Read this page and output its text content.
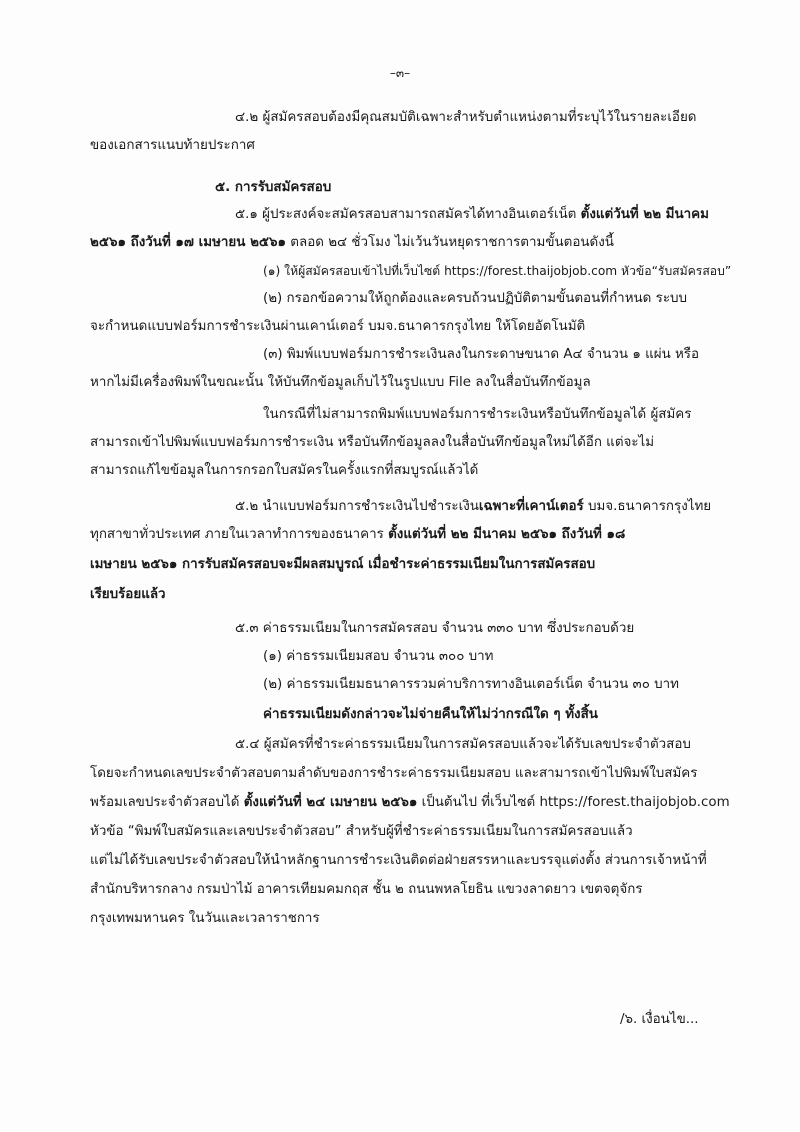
–๓–
๔.๒ ผู้สมัครสอบต้องมีคุณสมบัติเฉพาะสำหรับตำแหน่งตามที่ระบุไว้ในรายละเอียด
ของเอกสารแนบท้ายประกาศ
๕. การรับสมัครสอบ
๕.๑ ผู้ประสงค์จะสมัครสอบสามารถสมัครได้ทางอินเตอร์เน็ต ตั้งแต่วันที่ ๒๒ มีนาคม
๒๕๖๑ ถึงวันที่ ๑๗ เมษายน ๒๕๖๑ ตลอด ๒๔ ชั่วโมง ไม่เว้นวันหยุดราชการตามขั้นตอนดังนี้
(๑) ให้ผู้สมัครสอบเข้าไปที่เว็บไซต์ https://forest.thaijobjob.com หัวข้อ“รับสมัครสอบ”
(๒) กรอกข้อความให้ถูกต้องและครบถ้วนปฏิบัติตามขั้นตอนที่กำหนด ระบบ
จะกำหนดแบบฟอร์มการชำระเงินผ่านเคาน์เตอร์ บมจ.ธนาคารกรุงไทย ให้โดยอัตโนมัติ
(๓) พิมพ์แบบฟอร์มการชำระเงินลงในกระดาษขนาด A๔ จำนวน ๑ แผ่น หรือ
หากไม่มีเครื่องพิมพ์ในขณะนั้น ให้บันทึกข้อมูลเก็บไว้ในรูปแบบ File ลงในสื่อบันทึกข้อมูล
ในกรณีที่ไม่สามารถพิมพ์แบบฟอร์มการชำระเงินหรือบันทึกข้อมูลได้ ผู้สมัคร
สามารถเข้าไปพิมพ์แบบฟอร์มการชำระเงิน หรือบันทึกข้อมูลลงในสื่อบันทึกข้อมูลใหม่ได้อีก แต่จะไม่
สามารถแก้ไขข้อมูลในการกรอกใบสมัครในครั้งแรกที่สมบูรณ์แล้วได้
๕.๒ นำแบบฟอร์มการชำระเงินไปชำระเงินเฉพาะที่เคาน์เตอร์ บมจ.ธนาคารกรุงไทย
ทุกสาขาทั่วประเทศ ภายในเวลาทำการของธนาคาร ตั้งแต่วันที่ ๒๒ มีนาคม ๒๕๖๑ ถึงวันที่ ๑๘
เมษายน ๒๕๖๑ การรับสมัครสอบจะมีผลสมบูรณ์ เมื่อชำระค่าธรรมเนียมในการสมัครสอบ
เรียบร้อยแล้ว
๕.๓ ค่าธรรมเนียมในการสมัครสอบ จำนวน ๓๓๐ บาท ซึ่งประกอบด้วย
(๑) ค่าธรรมเนียมสอบ จำนวน ๓๐๐ บาท
(๒) ค่าธรรมเนียมธนาคารรวมค่าบริการทางอินเตอร์เน็ต จำนวน ๓๐ บาท
ค่าธรรมเนียมดังกล่าวจะไม่จ่ายคืนให้ไม่ว่ากรณีใด ๆ ทั้งสิ้น
๕.๔ ผู้สมัครที่ชำระค่าธรรมเนียมในการสมัครสอบแล้วจะได้รับเลขประจำตัวสอบ
โดยจะกำหนดเลขประจำตัวสอบตามลำดับของการชำระค่าธรรมเนียมสอบ และสามารถเข้าไปพิมพ์ใบสมัคร
พร้อมเลขประจำตัวสอบได้ ตั้งแต่วันที่ ๒๔ เมษายน ๒๕๖๑ เป็นต้นไป ที่เว็บไซต์ https://forest.thaijobjob.com
หัวข้อ “พิมพ์ใบสมัครและเลขประจำตัวสอบ” สำหรับผู้ที่ชำระค่าธรรมเนียมในการสมัครสอบแล้ว
แต่ไม่ได้รับเลขประจำตัวสอบให้นำหลักฐานการชำระเงินติดต่อฝ่ายสรรหาและบรรจุแต่งตั้ง ส่วนการเจ้าหน้าที่
สำนักบริหารกลาง กรมป่าไม้ อาคารเทียมคมกฤส ชั้น ๒ ถนนพหลโยธิน แขวงลาดยาว เขตจตุจักร
กรุงเทพมหานคร ในวันและเวลาราชการ
/๖. เงื่อนไข...
